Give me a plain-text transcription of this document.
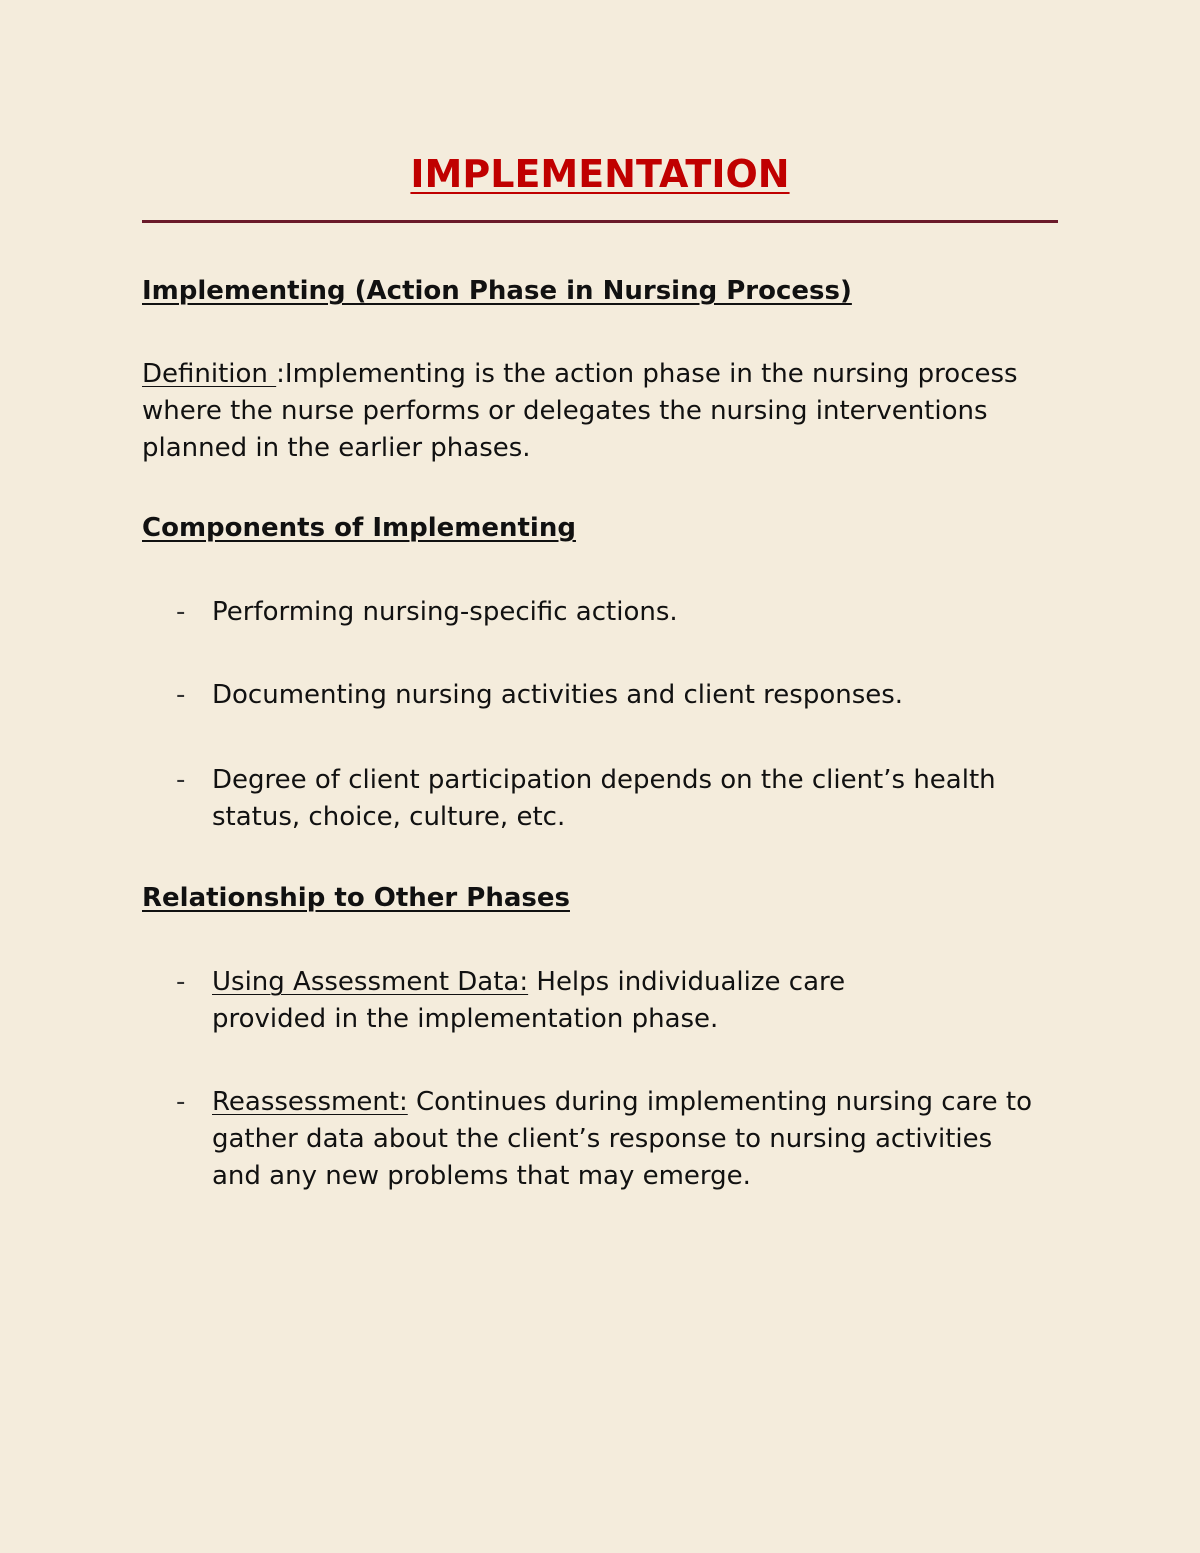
IMPLEMENTATION
Implementing (Action Phase in Nursing Process)

Definition :Implementing is the action phase in the nursing process where the nurse performs or delegates the nursing interventions planned in the earlier phases.

Components of Implementing
- Performing nursing-specific actions.
- Documenting nursing activities and client responses.
- Degree of client participation depends on the client’s health status, choice, culture, etc.
Relationship to Other Phases
- Using Assessment Data: Helps individualize care provided in the implementation phase.
- Reassessment: Continues during implementing nursing care to gather data about the client’s response to nursing activities and any new problems that may emerge.
